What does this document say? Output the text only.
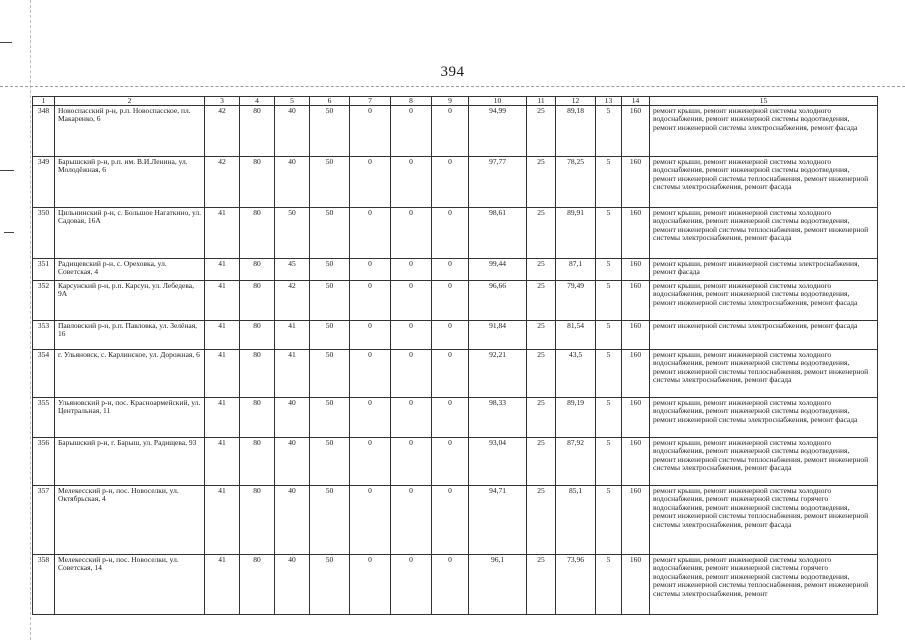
394
1	2	3	4	5	6	7	8	9	10	11	12	13	14	15
348	Новоспасский р-н, р.п. Новоспасское, пл. Макаренко, 6	42	80	40	50	0	0	0	94,99	25	89,18	5	160	ремонт крыши, ремонт инженерной системы холодного водоснабжения, ремонт инженерной системы водоотведения, ремонт инженерной системы электроснабжения, ремонт фасада
349	Барышский р-н, р.п. им. В.И.Ленина, ул. Молодёжная, 6	42	80	40	50	0	0	0	97,77	25	78,25	5	160	ремонт крыши, ремонт инженерной системы холодного водоснабжения, ремонт инженерной системы водоотведения, ремонт инженерной системы теплоснабжения, ремонт инженерной системы электроснабжения, ремонт фасада
350	Цильнинский р-н, с. Большое Нагаткино, ул. Садовая, 16А	41	80	50	50	0	0	0	98,61	25	89,91	5	160	ремонт крыши, ремонт инженерной системы холодного водоснабжения, ремонт инженерной системы водоотведения, ремонт инженерной системы теплоснабжения, ремонт инженерной системы электроснабжения, ремонт фасада
351	Радищевский р-н, с. Ореховка, ул. Советская, 4	41	80	45	50	0	0	0	99,44	25	87,1	5	160	ремонт крыши, ремонт инженерной системы электроснабжения, ремонт фасада
352	Карсунский р-н, р.п. Карсун, ул. Лебедева, 9А	41	80	42	50	0	0	0	96,66	25	79,49	5	160	ремонт крыши, ремонт инженерной системы холодного водоснабжения, ремонт инженерной системы водоотведения, ремонт инженерной системы электроснабжения, ремонт фасада
353	Павловский р-н, р.п. Павловка, ул. Зелёная, 16	41	80	41	50	0	0	0	91,84	25	81,54	5	160	ремонт инженерной системы электроснабжения, ремонт фасада
354	г. Ульяновск, с. Карлинское, ул. Дорожная, 6	41	80	41	50	0	0	0	92,21	25	43,5	5	160	ремонт крыши, ремонт инженерной системы холодного водоснабжения, ремонт инженерной системы водоотведения, ремонт инженерной системы теплоснабжения, ремонт инженерной системы электроснабжения, ремонт фасада
355	Ульяновский р-н, пос. Красноармейский, ул. Центральная, 11	41	80	40	50	0	0	0	98,33	25	89,19	5	160	ремонт крыши, ремонт инженерной системы холодного водоснабжения, ремонт инженерной системы водоотведения, ремонт инженерной системы электроснабжения, ремонт фасада
356	Барышский р-н, г. Барыш, ул. Радищева, 93	41	80	40	50	0	0	0	93,04	25	87,92	5	160	ремонт крыши, ремонт инженерной системы холодного водоснабжения, ремонт инженерной системы водоотведения, ремонт инженерной системы теплоснабжения, ремонт инженерной системы электроснабжения, ремонт фасада
357	Мелекесский р-н, пос. Новоселки, ул. Октябрьская, 4	41	80	40	50	0	0	0	94,71	25	85,1	5	160	ремонт крыши, ремонт инженерной системы холодного водоснабжения, ремонт инженерной системы горячего водоснабжения, ремонт инженерной системы водоотведения, ремонт инженерной системы теплоснабжения, ремонт инженерной системы электроснабжения, ремонт фасада
358	Мелекесский р-н, пос. Новоселки, ул. Советская, 14	41	80	40	50	0	0	0	96,1	25	73,96	5	160	ремонт крыши, ремонт инженерной системы холодного водоснабжения, ремонт инженерной системы горячего водоснабжения, ремонт инженерной системы водоотведения, ремонт инженерной системы теплоснабжения, ремонт инженерной системы электроснабжения, ремонт
